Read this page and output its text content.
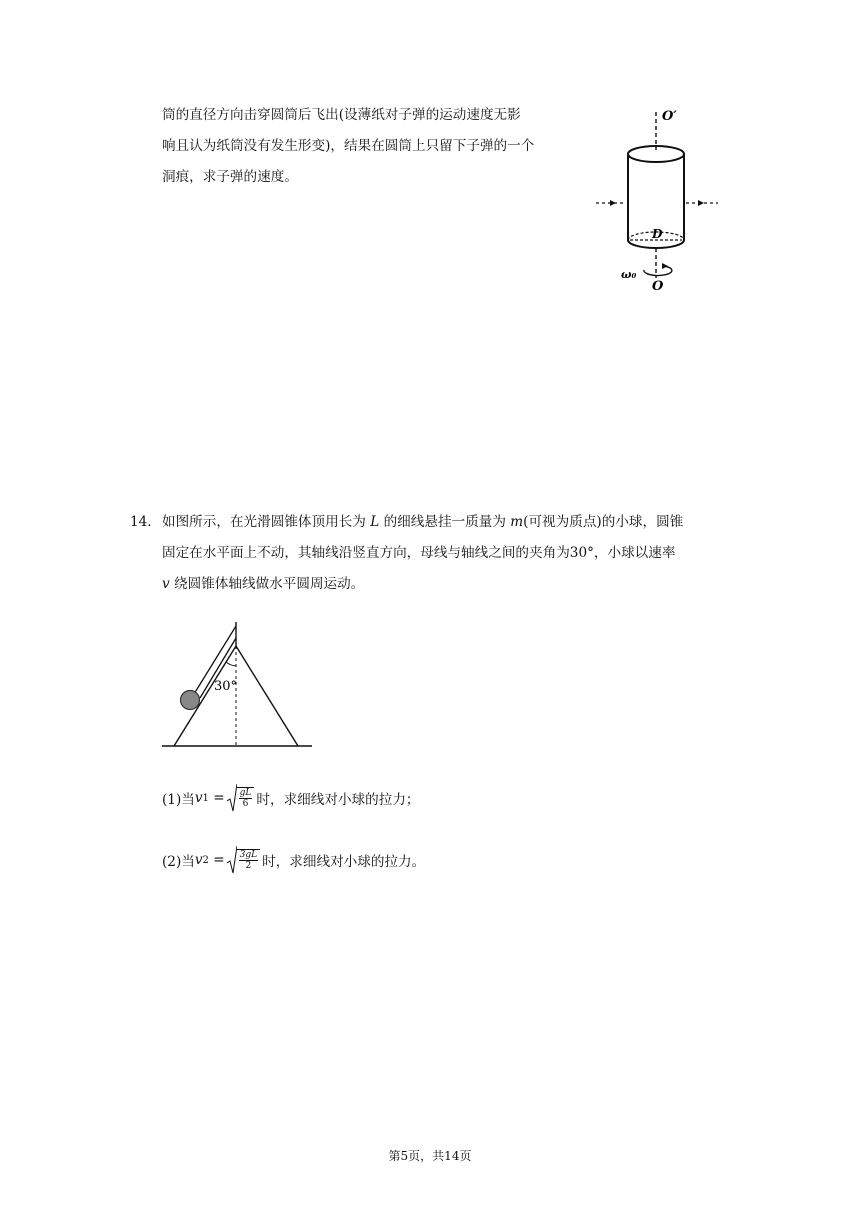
筒的直径方向击穿圆筒后飞出(设薄纸对子弹的运动速度无影
响且认为纸筒没有发生形变)，结果在圆筒上只留下子弹的一个
洞痕，求子弹的速度。
O′
D
ω₀
O
14. 如图所示，在光滑圆锥体顶用长为 L 的细线悬挂一质量为 m(可视为质点)的小球，圆锥
固定在水平面上不动，其轴线沿竖直方向，母线与轴线之间的夹角为30°，小球以速率
v 绕圆锥体轴线做水平圆周运动。
30°
(1)当 v 1
= $\frac{gL}{6}$ 时，求细线对小球的拉力；
(2)当 v 2
= $\frac{3gL}{2}$ 时，求细线对小球的拉力。
第5页，共14页
